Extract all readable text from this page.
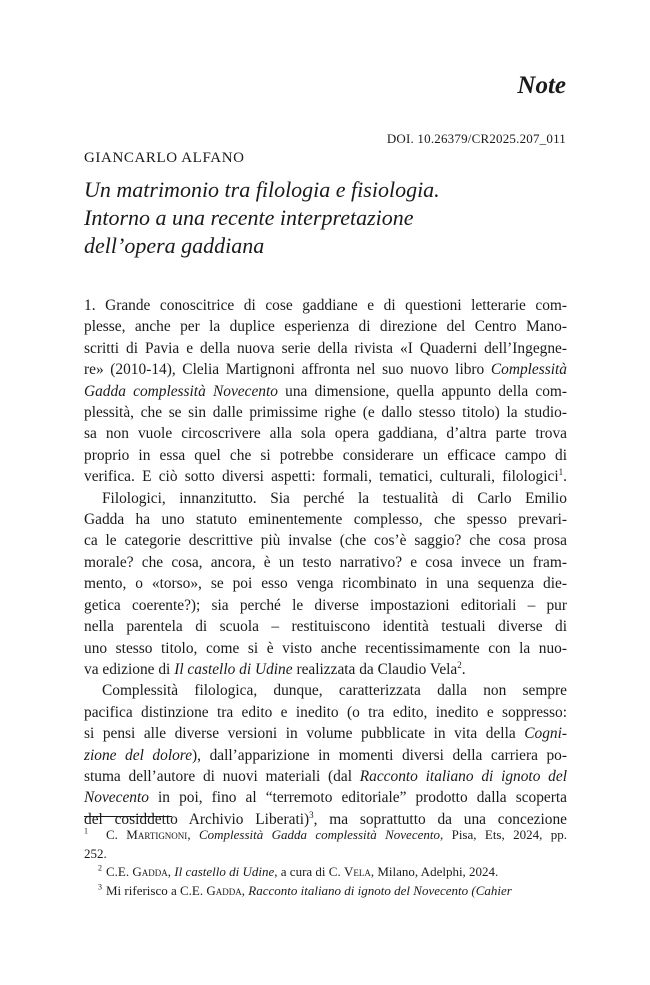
Note
DOI. 10.26379/CR2025.207_011
GIANCARLO ALFANO
Un matrimonio tra filologia e fisiologia.
Intorno a una recente interpretazione
dell’opera gaddiana
1. Grande conoscitrice di cose gaddiane e di questioni letterarie com-
plesse, anche per la duplice esperienza di direzione del Centro Mano-
scritti di Pavia e della nuova serie della rivista «I Quaderni dell’Ingegne-
re» (2010-14), Clelia Martignoni affronta nel suo nuovo libro Complessità
Gadda complessità Novecento una dimensione, quella appunto della com-
plessità, che se sin dalle primissime righe (e dallo stesso titolo) la studio-
sa non vuole circoscrivere alla sola opera gaddiana, d’altra parte trova
proprio in essa quel che si potrebbe considerare un efficace campo di
verifica. E ciò sotto diversi aspetti: formali, tematici, culturali, filologici$^1$.
Filologici, innanzitutto. Sia perché la testualità di Carlo Emilio
Gadda ha uno statuto eminentemente complesso, che spesso prevari-
ca le categorie descrittive più invalse (che cos’è saggio? che cosa prosa
morale? che cosa, ancora, è un testo narrativo? e cosa invece un fram-
mento, o «torso», se poi esso venga ricombinato in una sequenza die-
getica coerente?); sia perché le diverse impostazioni editoriali – pur
nella parentela di scuola – restituiscono identità testuali diverse di
uno stesso titolo, come si è visto anche recentissimamente con la nuo-
va edizione di Il castello di Udine realizzata da Claudio Vela$^2$.
Complessità filologica, dunque, caratterizzata dalla non sempre
pacifica distinzione tra edito e inedito (o tra edito, inedito e soppresso:
si pensi alle diverse versioni in volume pubblicate in vita della Cogni-
zione del dolore), dall’apparizione in momenti diversi della carriera po-
stuma dell’autore di nuovi materiali (dal Racconto italiano di ignoto del
Novecento in poi, fino al “terremoto editoriale” prodotto dalla scoperta
del cosiddetto Archivio Liberati)$^3$, ma soprattutto da una concezione
$^1$ C. Martignoni, Complessità Gadda complessità Novecento, Pisa, Ets, 2024, pp.
252.
$^2$ C.E. Gadda, Il castello di Udine, a cura di C. Vela, Milano, Adelphi, 2024.
$^3$ Mi riferisco a C.E. Gadda, Racconto italiano di ignoto del Novecento (Cahier
